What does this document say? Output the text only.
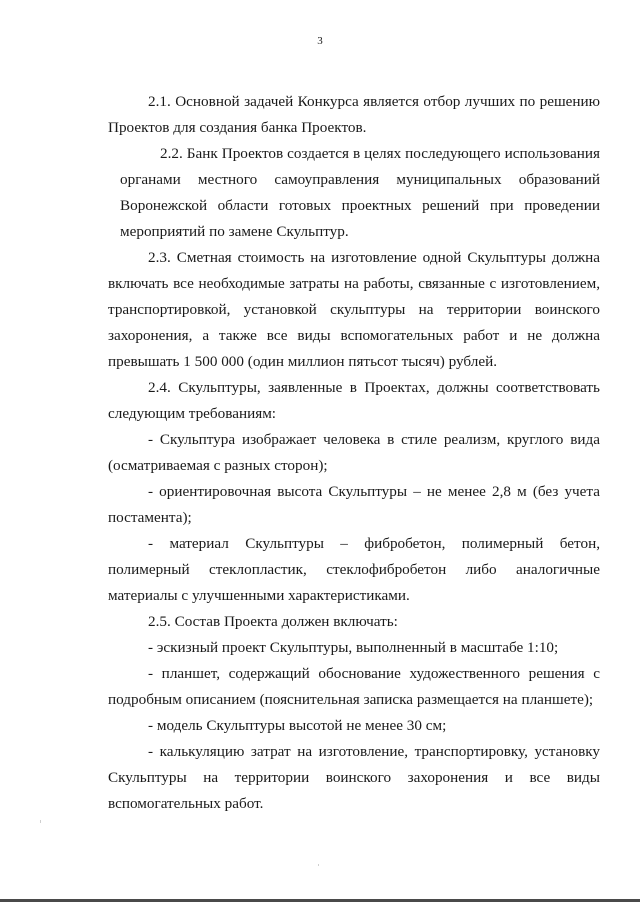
3

2.1. Основной задачей Конкурса является отбор лучших по решению Проектов для создания банка Проектов.

2.2. Банк Проектов создается в целях последующего использования органами местного самоуправления муниципальных образований Воронежской области готовых проектных решений при проведении мероприятий по замене Скульптур.

2.3. Сметная стоимость на изготовление одной Скульптуры должна включать все необходимые затраты на работы, связанные с изготовлением, транспортировкой, установкой скульптуры на территории воинского захоронения, а также все виды вспомогательных работ и не должна превышать 1 500 000 (один миллион пятьсот тысяч) рублей.

2.4. Скульптуры, заявленные в Проектах, должны соответствовать следующим требованиям:

- Скульптура изображает человека в стиле реализм, круглого вида (осматриваемая с разных сторон);

- ориентировочная высота Скульптуры – не менее 2,8 м (без учета постамента);

- материал Скульптуры – фибробетон, полимерный бетон, полимерный стеклопластик, стеклофибробетон либо аналогичные материалы с улучшенными характеристиками.

2.5. Состав Проекта должен включать:

- эскизный проект Скульптуры, выполненный в масштабе 1:10;

- планшет, содержащий обоснование художественного решения с подробным описанием (пояснительная записка размещается на планшете);

- модель Скульптуры высотой не менее 30 см;

- калькуляцию затрат на изготовление, транспортировку, установку Скульптуры на территории воинского захоронения и все виды вспомогательных работ.
